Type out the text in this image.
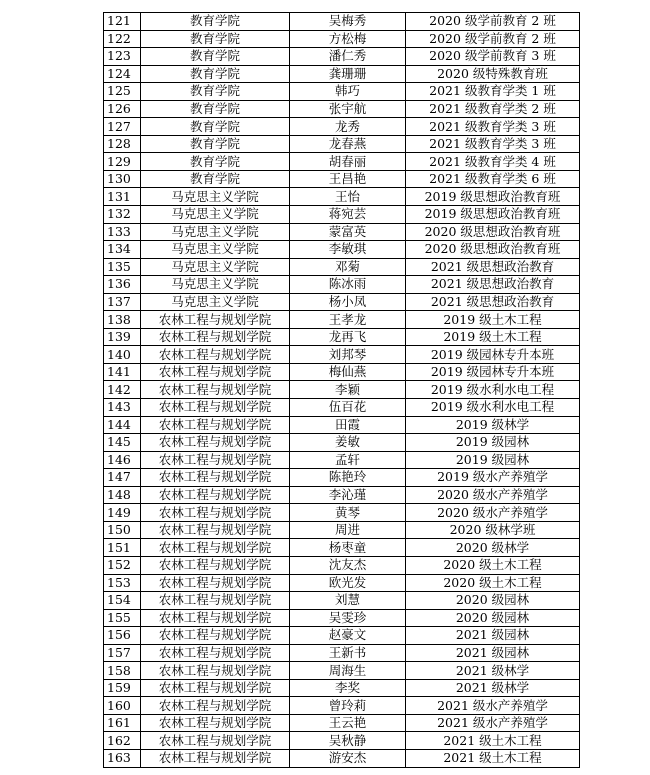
121	教育学院	吴梅秀	2020 级学前教育 2 班
122	教育学院	方松梅	2020 级学前教育 2 班
123	教育学院	潘仁秀	2020 级学前教育 3 班
124	教育学院	龚珊珊	2020 级特殊教育班
125	教育学院	韩巧	2021 级教育学类 1 班
126	教育学院	张宇航	2021 级教育学类 2 班
127	教育学院	龙秀	2021 级教育学类 3 班
128	教育学院	龙春燕	2021 级教育学类 3 班
129	教育学院	胡春丽	2021 级教育学类 4 班
130	教育学院	王昌艳	2021 级教育学类 6 班
131	马克思主义学院	王怡	2019 级思想政治教育班
132	马克思主义学院	蒋宛芸	2019 级思想政治教育班
133	马克思主义学院	蒙富英	2020 级思想政治教育班
134	马克思主义学院	李敏琪	2020 级思想政治教育班
135	马克思主义学院	邓菊	2021 级思想政治教育
136	马克思主义学院	陈冰雨	2021 级思想政治教育
137	马克思主义学院	杨小凤	2021 级思想政治教育
138	农林工程与规划学院	王孝龙	2019 级土木工程
139	农林工程与规划学院	龙再飞	2019 级土木工程
140	农林工程与规划学院	刘邦琴	2019 级园林专升本班
141	农林工程与规划学院	梅仙燕	2019 级园林专升本班
142	农林工程与规划学院	李颖	2019 级水利水电工程
143	农林工程与规划学院	伍百花	2019 级水利水电工程
144	农林工程与规划学院	田霞	2019 级林学
145	农林工程与规划学院	姜敏	2019 级园林
146	农林工程与规划学院	孟轩	2019 级园林
147	农林工程与规划学院	陈艳玲	2019 级水产养殖学
148	农林工程与规划学院	李沁瑾	2020 级水产养殖学
149	农林工程与规划学院	黄琴	2020 级水产养殖学
150	农林工程与规划学院	周进	2020 级林学班
151	农林工程与规划学院	杨枣童	2020 级林学
152	农林工程与规划学院	沈友杰	2020 级土木工程
153	农林工程与规划学院	欧光发	2020 级土木工程
154	农林工程与规划学院	刘慧	2020 级园林
155	农林工程与规划学院	吴雯珍	2020 级园林
156	农林工程与规划学院	赵豪文	2021 级园林
157	农林工程与规划学院	王新书	2021 级园林
158	农林工程与规划学院	周海生	2021 级林学
159	农林工程与规划学院	李奖	2021 级林学
160	农林工程与规划学院	曾玲莉	2021 级水产养殖学
161	农林工程与规划学院	王云艳	2021 级水产养殖学
162	农林工程与规划学院	吴秋静	2021 级土木工程
163	农林工程与规划学院	游安杰	2021 级土木工程
